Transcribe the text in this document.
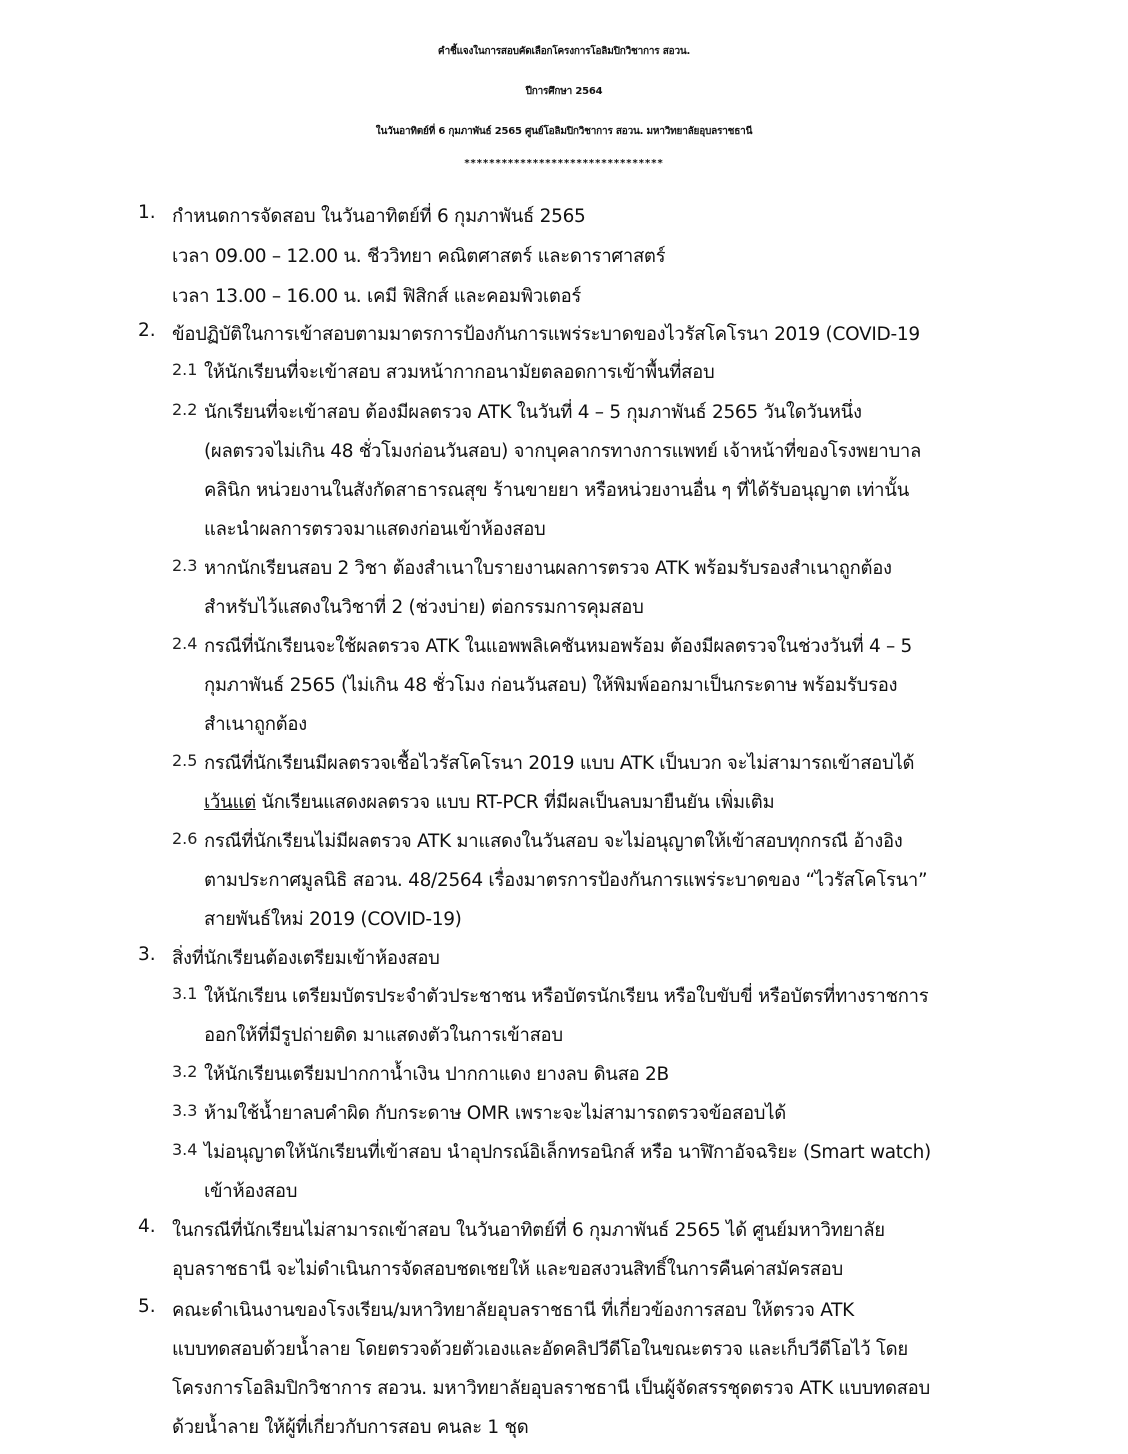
คำชี้แจงในการสอบคัดเลือกโครงการโอลิมปิกวิชาการ สอวน.
ปีการศึกษา 2564
ในวันอาทิตย์ที่ 6 กุมภาพันธ์ 2565 ศูนย์โอลิมปิกวิชาการ สอวน. มหาวิทยาลัยอุบลราชธานี
********************************
1. กำหนดการจัดสอบ ในวันอาทิตย์ที่ 6 กุมภาพันธ์ 2565
เวลา 09.00 – 12.00 น. ชีววิทยา คณิตศาสตร์ และดาราศาสตร์
เวลา 13.00 – 16.00 น. เคมี ฟิสิกส์ และคอมพิวเตอร์
2. ข้อปฏิบัติในการเข้าสอบตามมาตรการป้องกันการแพร่ระบาดของไวรัสโคโรนา 2019 (COVID-19
2.1 ให้นักเรียนที่จะเข้าสอบ สวมหน้ากากอนามัยตลอดการเข้าพื้นที่สอบ
2.2 นักเรียนที่จะเข้าสอบ ต้องมีผลตรวจ ATK ในวันที่ 4 – 5 กุมภาพันธ์ 2565 วันใดวันหนึ่ง
(ผลตรวจไม่เกิน 48 ชั่วโมงก่อนวันสอบ) จากบุคลากรทางการแพทย์ เจ้าหน้าที่ของโรงพยาบาล
คลินิก หน่วยงานในสังกัดสาธารณสุข ร้านขายยา หรือหน่วยงานอื่น ๆ ที่ได้รับอนุญาต เท่านั้น
และนำผลการตรวจมาแสดงก่อนเข้าห้องสอบ
2.3 หากนักเรียนสอบ 2 วิชา ต้องสำเนาใบรายงานผลการตรวจ ATK พร้อมรับรองสำเนาถูกต้อง
สำหรับไว้แสดงในวิชาที่ 2 (ช่วงบ่าย) ต่อกรรมการคุมสอบ
2.4 กรณีที่นักเรียนจะใช้ผลตรวจ ATK ในแอพพลิเคชันหมอพร้อม ต้องมีผลตรวจในช่วงวันที่ 4 – 5
กุมภาพันธ์ 2565 (ไม่เกิน 48 ชั่วโมง ก่อนวันสอบ) ให้พิมพ์ออกมาเป็นกระดาษ พร้อมรับรอง
สำเนาถูกต้อง
2.5 กรณีที่นักเรียนมีผลตรวจเชื้อไวรัสโคโรนา 2019 แบบ ATK เป็นบวก จะไม่สามารถเข้าสอบได้
เว้นแต่ นักเรียนแสดงผลตรวจ แบบ RT-PCR ที่มีผลเป็นลบมายืนยัน เพิ่มเติม
2.6 กรณีที่นักเรียนไม่มีผลตรวจ ATK มาแสดงในวันสอบ จะไม่อนุญาตให้เข้าสอบทุกกรณี อ้างอิง
ตามประกาศมูลนิธิ สอวน. 48/2564 เรื่องมาตรการป้องกันการแพร่ระบาดของ “ไวรัสโคโรนา”
สายพันธ์ใหม่ 2019 (COVID-19)
3. สิ่งที่นักเรียนต้องเตรียมเข้าห้องสอบ
3.1 ให้นักเรียน เตรียมบัตรประจำตัวประชาชน หรือบัตรนักเรียน หรือใบขับขี่ หรือบัตรที่ทางราชการ
ออกให้ที่มีรูปถ่ายติด มาแสดงตัวในการเข้าสอบ
3.2 ให้นักเรียนเตรียมปากกาน้ำเงิน ปากกาแดง ยางลบ ดินสอ 2B
3.3 ห้ามใช้น้ำยาลบคำผิด กับกระดาษ OMR เพราะจะไม่สามารถตรวจข้อสอบได้
3.4 ไม่อนุญาตให้นักเรียนที่เข้าสอบ นำอุปกรณ์อิเล็กทรอนิกส์ หรือ นาฬิกาอัจฉริยะ (Smart watch)
เข้าห้องสอบ
4. ในกรณีที่นักเรียนไม่สามารถเข้าสอบ ในวันอาทิตย์ที่ 6 กุมภาพันธ์ 2565 ได้ ศูนย์มหาวิทยาลัย
อุบลราชธานี จะไม่ดำเนินการจัดสอบชดเชยให้ และขอสงวนสิทธิ์ในการคืนค่าสมัครสอบ
5. คณะดำเนินงานของโรงเรียน/มหาวิทยาลัยอุบลราชธานี ที่เกี่ยวข้องการสอบ ให้ตรวจ ATK
แบบทดสอบด้วยน้ำลาย โดยตรวจด้วยตัวเองและอัดคลิปวีดีโอในขณะตรวจ และเก็บวีดีโอไว้ โดย
โครงการโอลิมปิกวิชาการ สอวน. มหาวิทยาลัยอุบลราชธานี เป็นผู้จัดสรรชุดตรวจ ATK แบบทดสอบ
ด้วยน้ำลาย ให้ผู้ที่เกี่ยวกับการสอบ คนละ 1 ชุด
